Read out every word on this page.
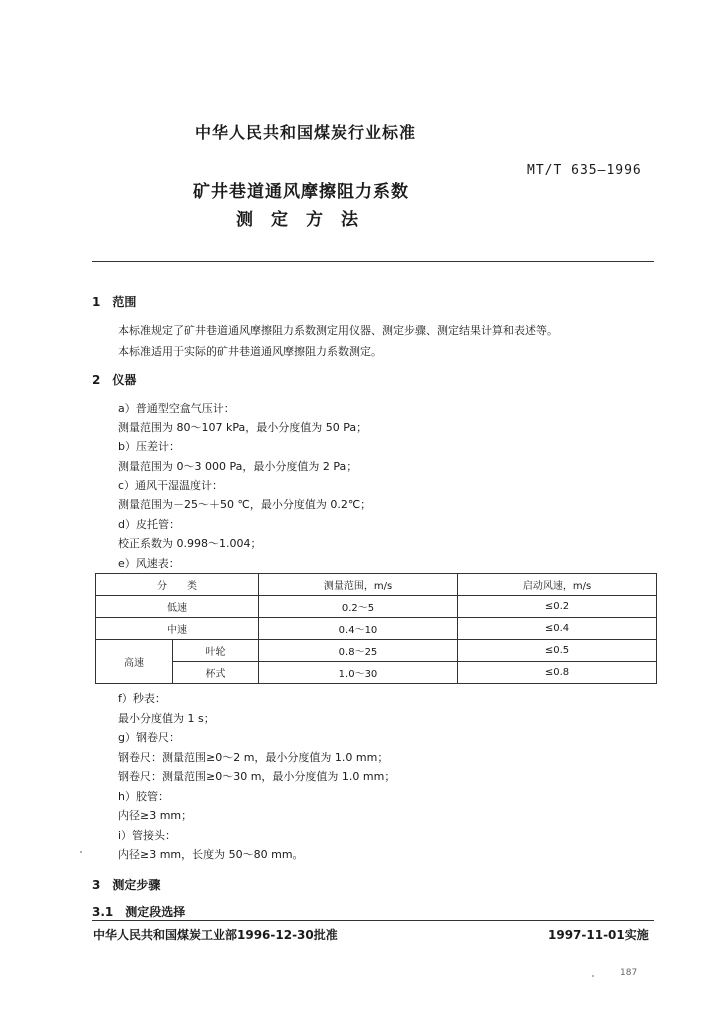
中华人民共和国煤炭行业标准
MT/T 635—1996
矿井巷道通风摩擦阻力系数
测定方法
1　范围
本标准规定了矿井巷道通风摩擦阻力系数测定用仪器、测定步骤、测定结果计算和表述等。
本标准适用于实际的矿井巷道通风摩擦阻力系数测定。
2　仪器
a）普通型空盒气压计：
测量范围为 80～107 kPa，最小分度值为 50 Pa；
b）压差计：
测量范围为 0～3 000 Pa，最小分度值为 2 Pa；
c）通风干湿温度计：
测量范围为－25～＋50 ℃，最小分度值为 0.2℃；
d）皮托管：
校正系数为 0.998～1.004；
e）风速表：
分　　类		测量范围，m/s	启动风速，m/s
低速		0.2～5	≤0.2
中速		0.4～10	≤0.4
高速	叶轮	0.8～25	≤0.5
	杯式	1.0～30	≤0.8
f）秒表：
最小分度值为 1 s；
g）钢卷尺：
钢卷尺：测量范围≥0～2 m，最小分度值为 1.0 mm；
钢卷尺：测量范围≥0～30 m，最小分度值为 1.0 mm；
h）胶管：
内径≥3 mm；
i）管接头：
内径≥3 mm，长度为 50～80 mm。
3　测定步骤
3.1　测定段选择
中华人民共和国煤炭工业部1996-12-30批准	1997-11-01实施
187
